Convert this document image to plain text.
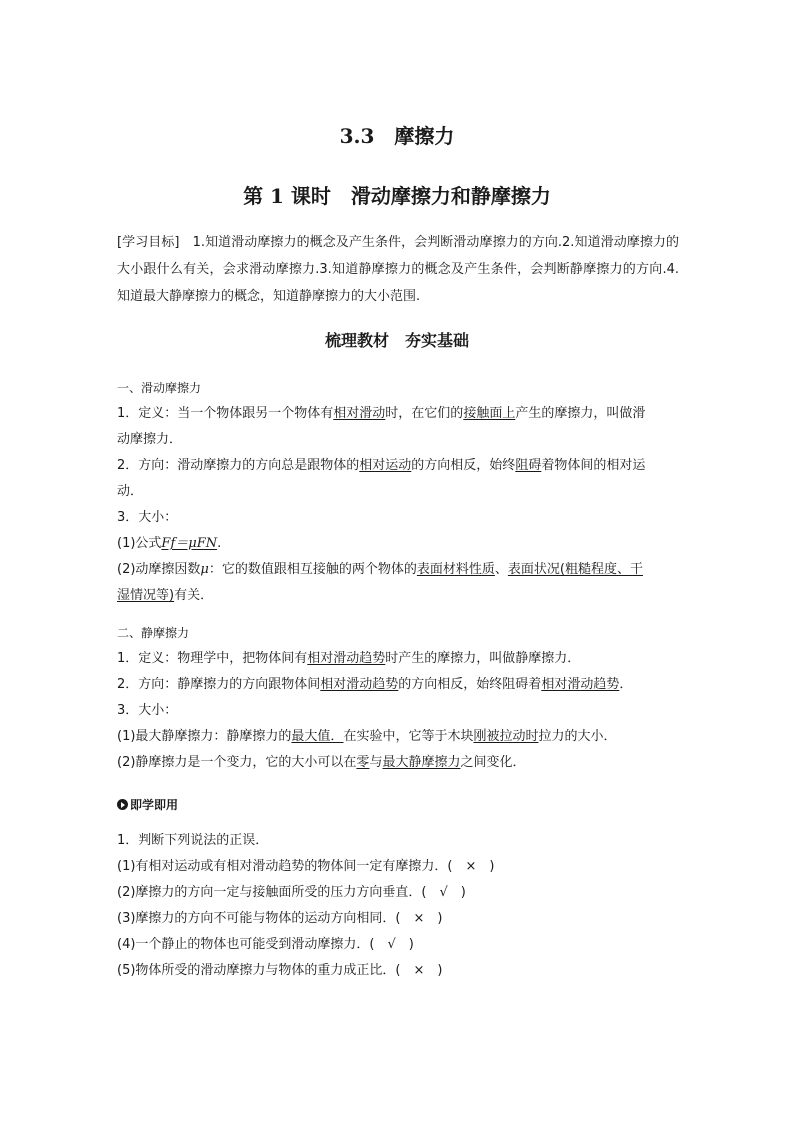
3.3　摩擦力
第 1 课时　滑动摩擦力和静摩擦力
[学习目标]　 1.知道滑动摩擦力的概念及产生条件，会判断滑动摩擦力的方向.2.知道滑动摩擦力的大小跟什么有关，会求滑动摩擦力.3.知道静摩擦力的概念及产生条件，会判断静摩擦力的方向.4.知道最大静摩擦力的概念，知道静摩擦力的大小范围.
梳理教材　夯实基础
一、滑动摩擦力
1．定义：当一个物体跟另一个物体有相对滑动时，在它们的接触面上产生的摩擦力，叫做滑
动摩擦力．
2．方向：滑动摩擦力的方向总是跟物体的相对运动的方向相反，始终阻碍着物体间的相对运
动．
3．大小：
(1)公式Ff＝μFN.
(2)动摩擦因数μ：它的数值跟相互接触的两个物体的表面材料性质、表面状况(粗糙程度、干
湿情况等)有关．
二、静摩擦力
1．定义：物理学中，把物体间有相对滑动趋势时产生的摩擦力，叫做静摩擦力．
2．方向：静摩擦力的方向跟物体间相对滑动趋势的方向相反，始终阻碍着相对滑动趋势．
3．大小：
(1)最大静摩擦力：静摩擦力的最大值．在实验中，它等于木块刚被拉动时拉力的大小．
(2)静摩擦力是一个变力，它的大小可以在零与最大静摩擦力之间变化．
即学即用
1．判断下列说法的正误．
(1)有相对运动或有相对滑动趋势的物体间一定有摩擦力．(　×　)
(2)摩擦力的方向一定与接触面所受的压力方向垂直．(　√　)
(3)摩擦力的方向不可能与物体的运动方向相同．(　×　)
(4)一个静止的物体也可能受到滑动摩擦力．(　√　)
(5)物体所受的滑动摩擦力与物体的重力成正比．(　×　)
